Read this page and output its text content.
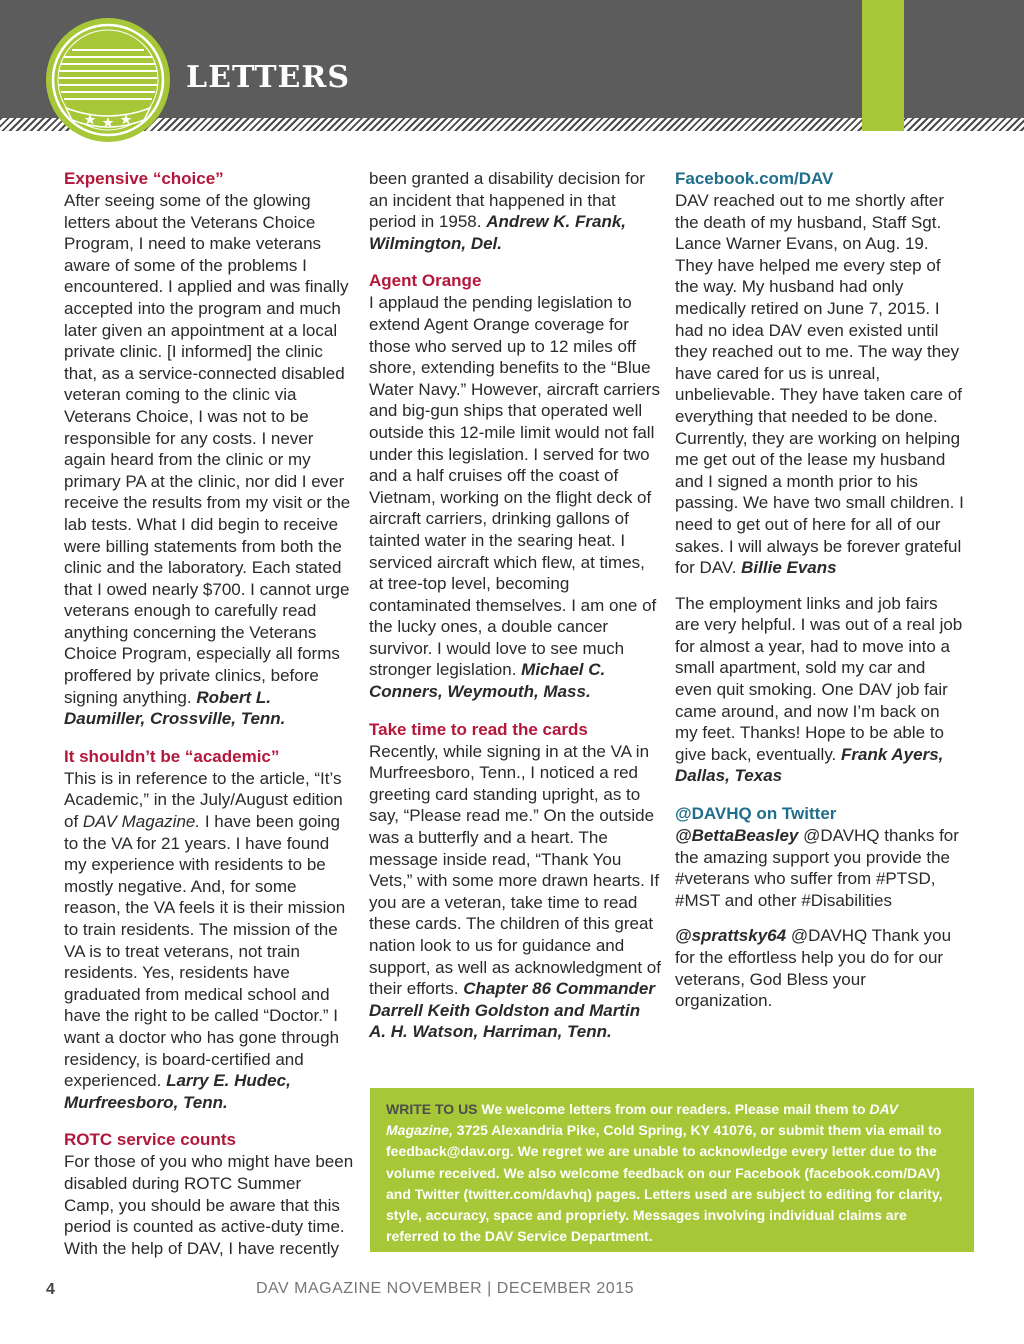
LETTERS

Expensive “choice”

After seeing some of the glowing letters about the Veterans Choice Program, I need to make veterans aware of some of the problems I encountered. I applied and was finally accepted into the program and much later given an appointment at a local private clinic. [I informed] the clinic that, as a service-connected disabled veteran coming to the clinic via Veterans Choice, I was not to be responsible for any costs. I never again heard from the clinic or my primary PA at the clinic, nor did I ever receive the results from my visit or the lab tests. What I did begin to receive were billing statements from both the clinic and the laboratory. Each stated that I owed nearly $700. I cannot urge veterans enough to carefully read anything concerning the Veterans Choice Program, especially all forms proffered by private clinics, before signing anything. Robert L. Daumiller, Crossville, Tenn.

It shouldn’t be “academic”

This is in reference to the article, “It’s Academic,” in the July/August edition of DAV Magazine. I have been going to the VA for 21 years. I have found my experience with residents to be mostly negative. And, for some reason, the VA feels it is their mission to train residents. The mission of the VA is to treat veterans, not train residents. Yes, residents have graduated from medical school and have the right to be called “Doctor.” I want a doctor who has gone through residency, is board-certified and experienced. Larry E. Hudec, Murfreesboro, Tenn.

ROTC service counts

For those of you who might have been disabled during ROTC Summer Camp, you should be aware that this period is counted as active-duty time. With the help of DAV, I have recently

been granted a disability decision for an incident that happened in that period in 1958. Andrew K. Frank, Wilmington, Del.

Agent Orange

I applaud the pending legislation to extend Agent Orange coverage for those who served up to 12 miles off shore, extending benefits to the “Blue Water Navy.” However, aircraft carriers and big-gun ships that operated well outside this 12-mile limit would not fall under this legislation. I served for two and a half cruises off the coast of Vietnam, working on the flight deck of aircraft carriers, drinking gallons of tainted water in the searing heat. I serviced aircraft which flew, at times, at tree-top level, becoming contaminated themselves. I am one of the lucky ones, a double cancer survivor. I would love to see much stronger legislation. Michael C. Conners, Weymouth, Mass.

Take time to read the cards

Recently, while signing in at the VA in Murfreesboro, Tenn., I noticed a red greeting card standing upright, as to say, “Please read me.” On the outside was a butterfly and a heart. The message inside read, “Thank You Vets,” with some more drawn hearts. If you are a veteran, take time to read these cards. The children of this great nation look to us for guidance and support, as well as acknowledgment of their efforts. Chapter 86 Commander Darrell Keith Goldston and Martin A. H. Watson, Harriman, Tenn.

Facebook.com/DAV

DAV reached out to me shortly after the death of my husband, Staff Sgt. Lance Warner Evans, on Aug. 19. They have helped me every step of the way. My husband had only medically retired on June 7, 2015. I had no idea DAV even existed until they reached out to me. The way they have cared for us is unreal, unbelievable. They have taken care of everything that needed to be done. Currently, they are working on helping me get out of the lease my husband and I signed a month prior to his passing. We have two small children. I need to get out of here for all of our sakes. I will always be forever grateful for DAV. Billie Evans

The employment links and job fairs are very helpful. I was out of a real job for almost a year, had to move into a small apartment, sold my car and even quit smoking. One DAV job fair came around, and now I’m back on my feet. Thanks! Hope to be able to give back, eventually. Frank Ayers, Dallas, Texas

@DAVHQ on Twitter

@BettaBeasley @DAVHQ thanks for the amazing support you provide the #veterans who suffer from #PTSD, #MST and other #Disabilities

@sprattsky64 @DAVHQ Thank you for the effortless help you do for our veterans, God Bless your organization.

WRITE TO US We welcome letters from our readers. Please mail them to DAV Magazine, 3725 Alexandria Pike, Cold Spring, KY 41076, or submit them via email to feedback@dav.org. We regret we are unable to acknowledge every letter due to the volume received. We also welcome feedback on our Facebook (facebook.com/DAV) and Twitter (twitter.com/davhq) pages. Letters used are subject to editing for clarity, style, accuracy, space and propriety. Messages involving individual claims are referred to the DAV Service Department.
4	DAV MAGAZINE NOVEMBER | DECEMBER 2015
